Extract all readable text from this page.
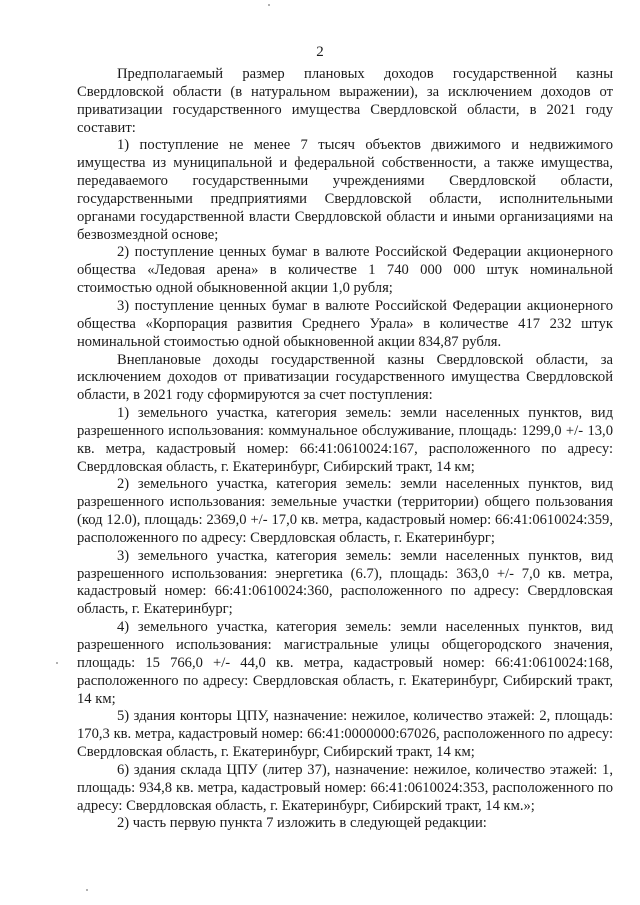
2

Предполагаемый размер плановых доходов государственной казны Свердловской области (в натуральном выражении), за исключением доходов от приватизации государственного имущества Свердловской области, в 2021 году составит:

1) поступление не менее 7 тысяч объектов движимого и недвижимого имущества из муниципальной и федеральной собственности, а также имущества, передаваемого государственными учреждениями Свердловской области, государственными предприятиями Свердловской области, исполнительными органами государственной власти Свердловской области и иными организациями на безвозмездной основе;

2) поступление ценных бумаг в валюте Российской Федерации акционерного общества «Ледовая арена» в количестве 1 740 000 000 штук номинальной стоимостью одной обыкновенной акции 1,0 рубля;

3) поступление ценных бумаг в валюте Российской Федерации акционерного общества «Корпорация развития Среднего Урала» в количестве 417 232 штук номинальной стоимостью одной обыкновенной акции 834,87 рубля.

Внеплановые доходы государственной казны Свердловской области, за исключением доходов от приватизации государственного имущества Свердловской области, в 2021 году сформируются за счет поступления:

1) земельного участка, категория земель: земли населенных пунктов, вид разрешенного использования: коммунальное обслуживание, площадь: 1299,0 +/- 13,0 кв. метра, кадастровый номер: 66:41:0610024:167, расположенного по адресу: Свердловская область, г. Екатеринбург, Сибирский тракт, 14 км;

2) земельного участка, категория земель: земли населенных пунктов, вид разрешенного использования: земельные участки (территории) общего пользования (код 12.0), площадь: 2369,0 +/- 17,0 кв. метра, кадастровый номер: 66:41:0610024:359, расположенного по адресу: Свердловская область, г. Екатеринбург;

3) земельного участка, категория земель: земли населенных пунктов, вид разрешенного использования: энергетика (6.7), площадь: 363,0 +/- 7,0 кв. метра, кадастровый номер: 66:41:0610024:360, расположенного по адресу: Свердловская область, г. Екатеринбург;

4) земельного участка, категория земель: земли населенных пунктов, вид разрешенного использования: магистральные улицы общегородского значения, площадь: 15 766,0 +/- 44,0 кв. метра, кадастровый номер: 66:41:0610024:168, расположенного по адресу: Свердловская область, г. Екатеринбург, Сибирский тракт, 14 км;

5) здания конторы ЦПУ, назначение: нежилое, количество этажей: 2, площадь: 170,3 кв. метра, кадастровый номер: 66:41:0000000:67026, расположенного по адресу: Свердловская область, г. Екатеринбург, Сибирский тракт, 14 км;

6) здания склада ЦПУ (литер 37), назначение: нежилое, количество этажей: 1, площадь: 934,8 кв. метра, кадастровый номер: 66:41:0610024:353, расположенного по адресу: Свердловская область, г. Екатеринбург, Сибирский тракт, 14 км.»;

2) часть первую пункта 7 изложить в следующей редакции:
